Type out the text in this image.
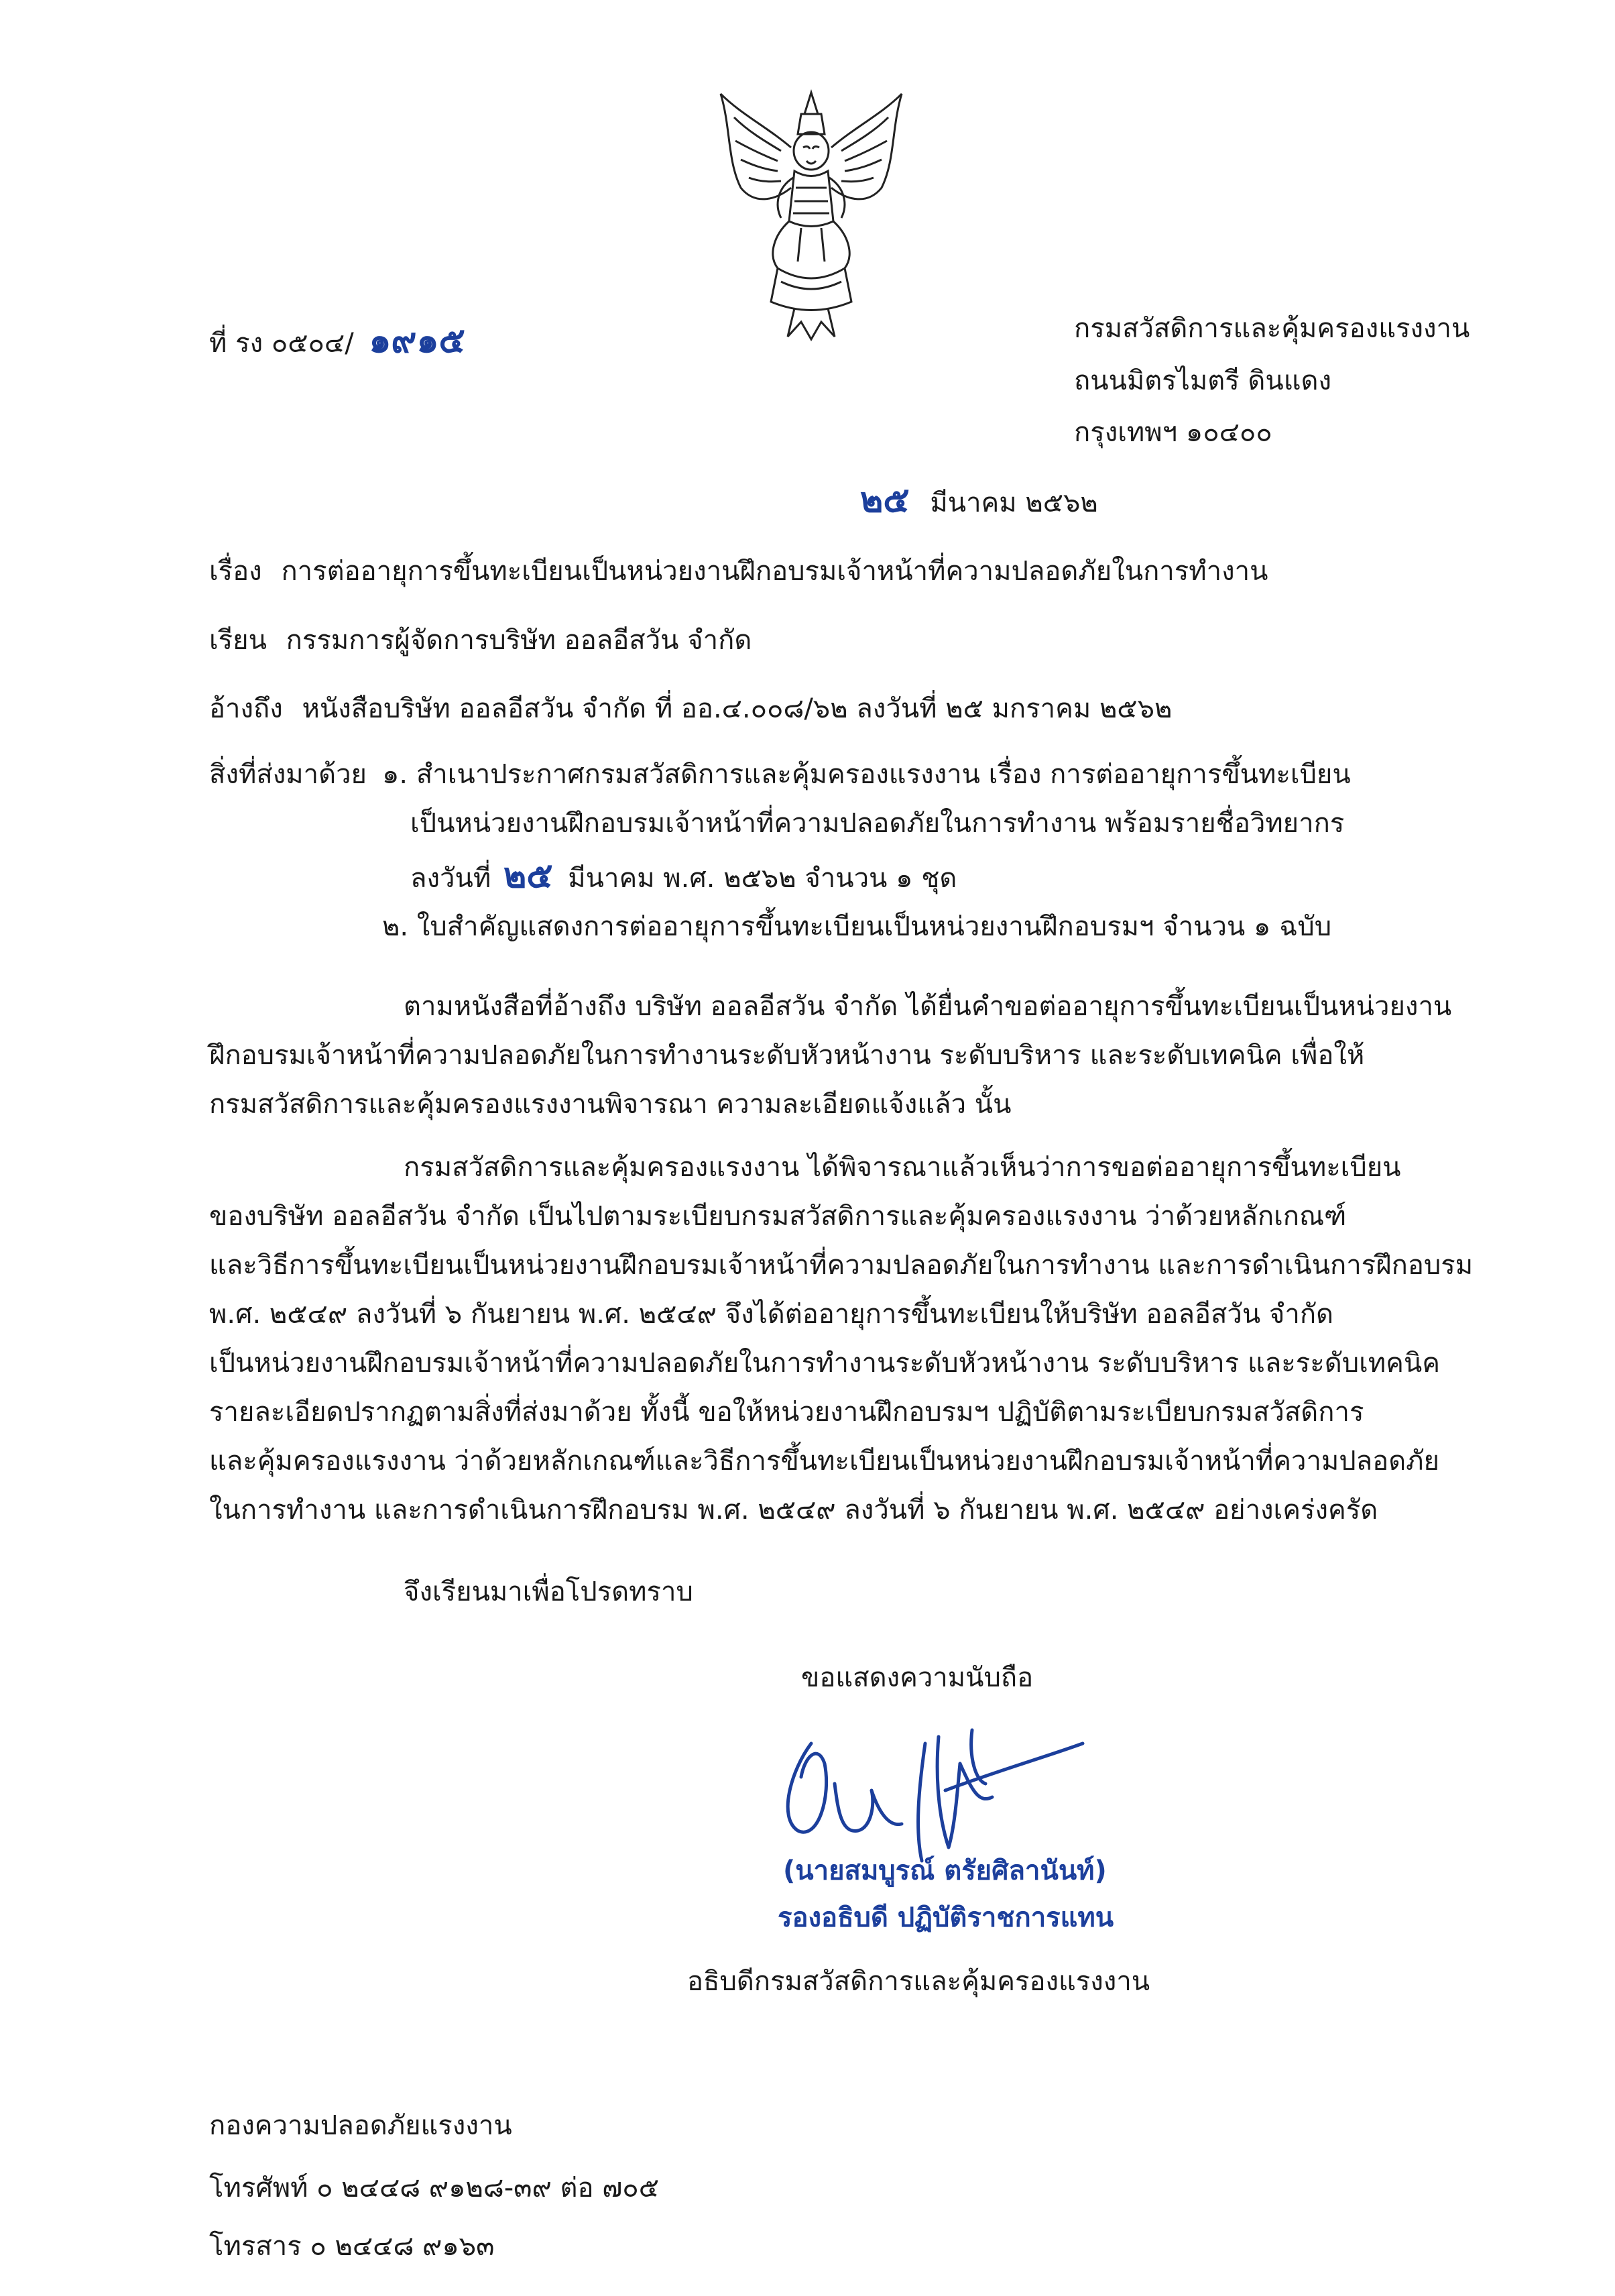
ที่ รง ๐๕๐๔/ ๑๙๑๕	กรมสวัสดิการและคุ้มครองแรงงาน
ถนนมิตรไมตรี ดินแดง
กรุงเทพฯ ๑๐๔๐๐
๒๕ มีนาคม ๒๕๖๒
เรื่อง การต่ออายุการขึ้นทะเบียนเป็นหน่วยงานฝึกอบรมเจ้าหน้าที่ความปลอดภัยในการทำงาน
เรียน กรรมการผู้จัดการบริษัท ออลอีสวัน จำกัด
อ้างถึง หนังสือบริษัท ออลอีสวัน จำกัด ที่ ออ.๔.๐๐๘/๖๒ ลงวันที่ ๒๕ มกราคม ๒๕๖๒
สิ่งที่ส่งมาด้วย ๑. สำเนาประกาศกรมสวัสดิการและคุ้มครองแรงงาน เรื่อง การต่ออายุการขึ้นทะเบียน
เป็นหน่วยงานฝึกอบรมเจ้าหน้าที่ความปลอดภัยในการทำงาน พร้อมรายชื่อวิทยากร
ลงวันที่ ๒๕ มีนาคม พ.ศ. ๒๕๖๒ จำนวน ๑ ชุด
๒. ใบสำคัญแสดงการต่ออายุการขึ้นทะเบียนเป็นหน่วยงานฝึกอบรมฯ จำนวน ๑ ฉบับ
ตามหนังสือที่อ้างถึง บริษัท ออลอีสวัน จำกัด ได้ยื่นคำขอต่ออายุการขึ้นทะเบียนเป็นหน่วยงาน
ฝึกอบรมเจ้าหน้าที่ความปลอดภัยในการทำงานระดับหัวหน้างาน ระดับบริหาร และระดับเทคนิค เพื่อให้
กรมสวัสดิการและคุ้มครองแรงงานพิจารณา ความละเอียดแจ้งแล้ว นั้น
กรมสวัสดิการและคุ้มครองแรงงาน ได้พิจารณาแล้วเห็นว่าการขอต่ออายุการขึ้นทะเบียน
ของบริษัท ออลอีสวัน จำกัด เป็นไปตามระเบียบกรมสวัสดิการและคุ้มครองแรงงาน ว่าด้วยหลักเกณฑ์
และวิธีการขึ้นทะเบียนเป็นหน่วยงานฝึกอบรมเจ้าหน้าที่ความปลอดภัยในการทำงาน และการดำเนินการฝึกอบรม
พ.ศ. ๒๕๔๙ ลงวันที่ ๖ กันยายน พ.ศ. ๒๕๔๙ จึงได้ต่ออายุการขึ้นทะเบียนให้บริษัท ออลอีสวัน จำกัด
เป็นหน่วยงานฝึกอบรมเจ้าหน้าที่ความปลอดภัยในการทำงานระดับหัวหน้างาน ระดับบริหาร และระดับเทคนิค
รายละเอียดปรากฏตามสิ่งที่ส่งมาด้วย ทั้งนี้ ขอให้หน่วยงานฝึกอบรมฯ ปฏิบัติตามระเบียบกรมสวัสดิการ
และคุ้มครองแรงงาน ว่าด้วยหลักเกณฑ์และวิธีการขึ้นทะเบียนเป็นหน่วยงานฝึกอบรมเจ้าหน้าที่ความปลอดภัย
ในการทำงาน และการดำเนินการฝึกอบรม พ.ศ. ๒๕๔๙ ลงวันที่ ๖ กันยายน พ.ศ. ๒๕๔๙ อย่างเคร่งครัด
จึงเรียนมาเพื่อโปรดทราบ
ขอแสดงความนับถือ
(นายสมบูรณ์ ตรัยศิลานันท์)
รองอธิบดี ปฏิบัติราชการแทน
อธิบดีกรมสวัสดิการและคุ้มครองแรงงาน
กองความปลอดภัยแรงงาน
โทรศัพท์ ๐ ๒๔๔๘ ๙๑๒๘-๓๙ ต่อ ๗๐๕
โทรสาร ๐ ๒๔๔๘ ๙๑๖๓
